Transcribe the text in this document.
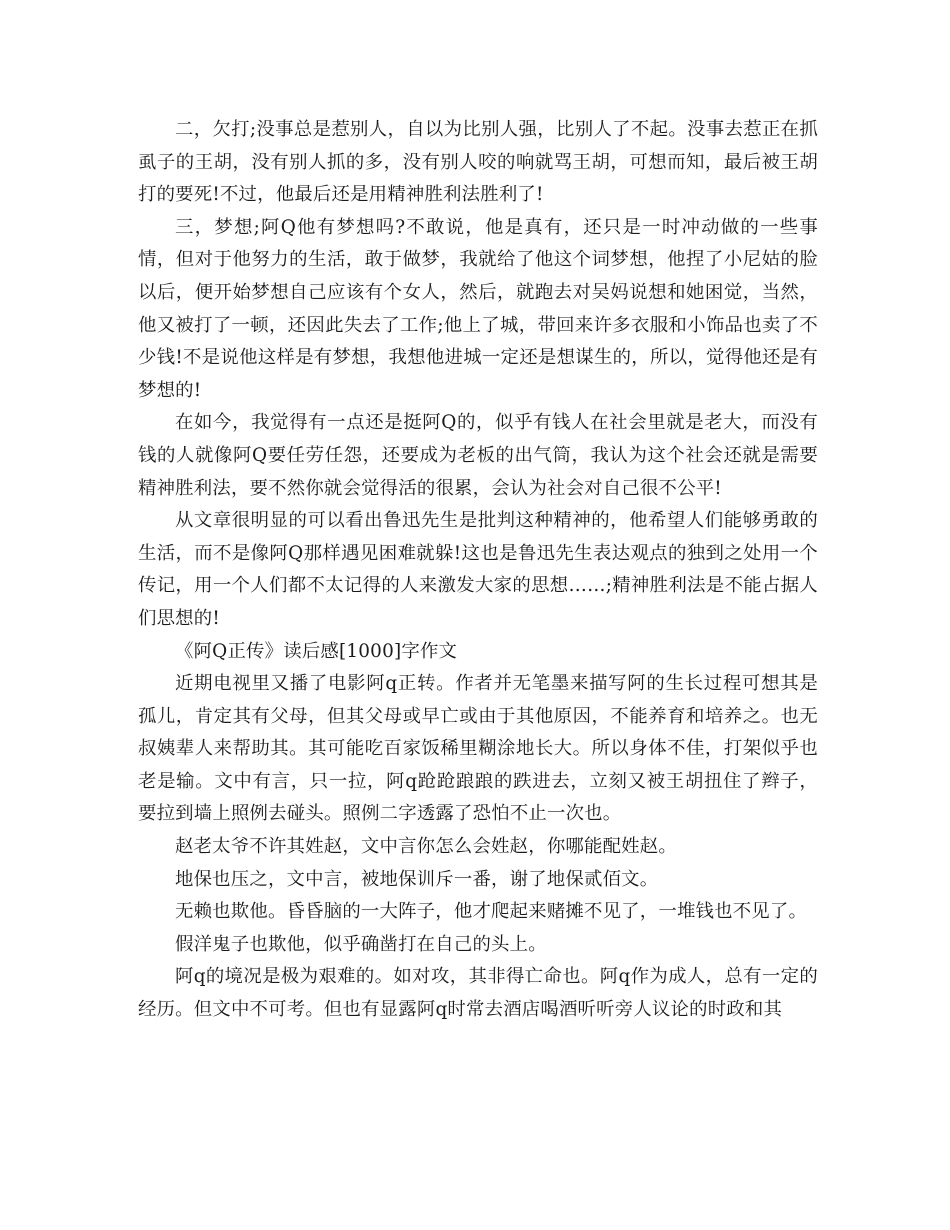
二，欠打;没事总是惹别人，自以为比别人强，比别人了不起。没事去惹正在抓虱子的王胡，没有别人抓的多，没有别人咬的响就骂王胡，可想而知，最后被王胡打的要死!不过，他最后还是用精神胜利法胜利了!

三，梦想;阿Q他有梦想吗?不敢说，他是真有，还只是一时冲动做的一些事情，但对于他努力的生活，敢于做梦，我就给了他这个词梦想，他捏了小尼姑的脸以后，便开始梦想自己应该有个女人，然后，就跑去对吴妈说想和她困觉，当然，他又被打了一顿，还因此失去了工作;他上了城，带回来许多衣服和小饰品也卖了不少钱!不是说他这样是有梦想，我想他进城一定还是想谋生的，所以，觉得他还是有梦想的!

在如今，我觉得有一点还是挺阿Q的，似乎有钱人在社会里就是老大，而没有钱的人就像阿Q要任劳任怨，还要成为老板的出气筒，我认为这个社会还就是需要精神胜利法，要不然你就会觉得活的很累，会认为社会对自己很不公平!

从文章很明显的可以看出鲁迅先生是批判这种精神的，他希望人们能够勇敢的生活，而不是像阿Q那样遇见困难就躲!这也是鲁迅先生表达观点的独到之处用一个传记，用一个人们都不太记得的人来激发大家的思想……;精神胜利法是不能占据人们思想的!

《阿Q正传》读后感[1000]字作文

近期电视里又播了电影阿q正转。作者并无笔墨来描写阿的生长过程可想其是孤儿，肯定其有父母，但其父母或早亡或由于其他原因，不能养育和培养之。也无叔姨辈人来帮助其。其可能吃百家饭稀里糊涂地长大。所以身体不佳，打架似乎也老是输。文中有言，只一拉，阿q跄跄踉踉的跌进去，立刻又被王胡扭住了辫子，要拉到墙上照例去碰头。照例二字透露了恐怕不止一次也。

赵老太爷不许其姓赵，文中言你怎么会姓赵，你哪能配姓赵。

地保也压之，文中言，被地保训斥一番，谢了地保贰佰文。

无赖也欺他。昏昏脑的一大阵子，他才爬起来赌摊不见了，一堆钱也不见了。

假洋鬼子也欺他，似乎确凿打在自己的头上。

阿q的境况是极为艰难的。如对攻，其非得亡命也。阿q作为成人，总有一定的经历。但文中不可考。但也有显露阿q时常去酒店喝酒听听旁人议论的时政和其
